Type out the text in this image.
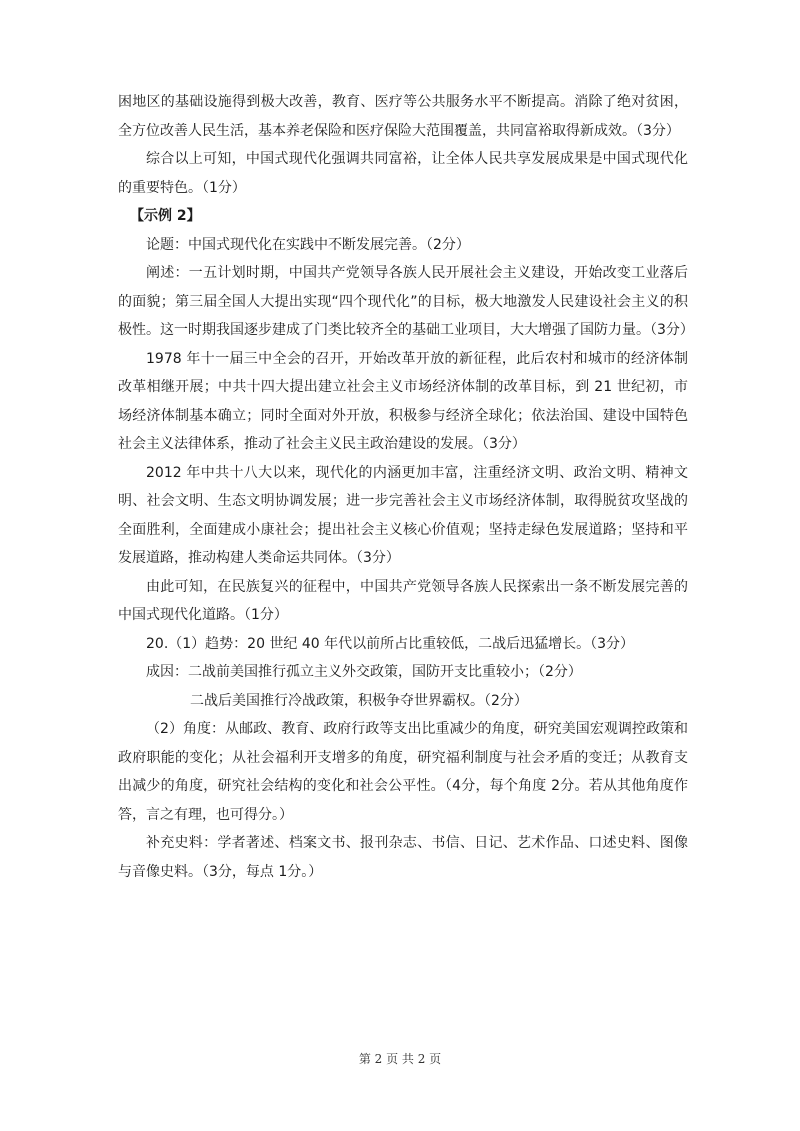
困地区的基础设施得到极大改善，教育、医疗等公共服务水平不断提高。消除了绝对贫困，全方位改善人民生活，基本养老保险和医疗保险大范围覆盖，共同富裕取得新成效。（3分）

综合以上可知，中国式现代化强调共同富裕，让全体人民共享发展成果是中国式现代化的重要特色。（1分）

【示例 2】

论题：中国式现代化在实践中不断发展完善。（2分）

阐述：一五计划时期，中国共产党领导各族人民开展社会主义建设，开始改变工业落后的面貌；第三届全国人大提出实现“四个现代化”的目标，极大地激发人民建设社会主义的积极性。这一时期我国逐步建成了门类比较齐全的基础工业项目，大大增强了国防力量。（3分）

1978 年十一届三中全会的召开，开始改革开放的新征程，此后农村和城市的经济体制改革相继开展；中共十四大提出建立社会主义市场经济体制的改革目标，到 21 世纪初，市场经济体制基本确立；同时全面对外开放，积极参与经济全球化；依法治国、建设中国特色社会主义法律体系，推动了社会主义民主政治建设的发展。（3分）

2012 年中共十八大以来，现代化的内涵更加丰富，注重经济文明、政治文明、精神文明、社会文明、生态文明协调发展；进一步完善社会主义市场经济体制，取得脱贫攻坚战的全面胜利，全面建成小康社会；提出社会主义核心价值观；坚持走绿色发展道路；坚持和平发展道路，推动构建人类命运共同体。（3分）

由此可知，在民族复兴的征程中，中国共产党领导各族人民探索出一条不断发展完善的中国式现代化道路。（1分）

20.（1）趋势：20 世纪 40 年代以前所占比重较低，二战后迅猛增长。（3分）

成因：二战前美国推行孤立主义外交政策，国防开支比重较小；（2分）

二战后美国推行冷战政策，积极争夺世界霸权。（2分）

（2）角度：从邮政、教育、政府行政等支出比重减少的角度，研究美国宏观调控政策和政府职能的变化；从社会福利开支增多的角度，研究福利制度与社会矛盾的变迁；从教育支出减少的角度，研究社会结构的变化和社会公平性。（4分，每个角度 2分。若从其他角度作答，言之有理，也可得分。）

补充史料：学者著述、档案文书、报刊杂志、书信、日记、艺术作品、口述史料、图像与音像史料。（3分，每点 1分。）

第 2 页 共 2 页
